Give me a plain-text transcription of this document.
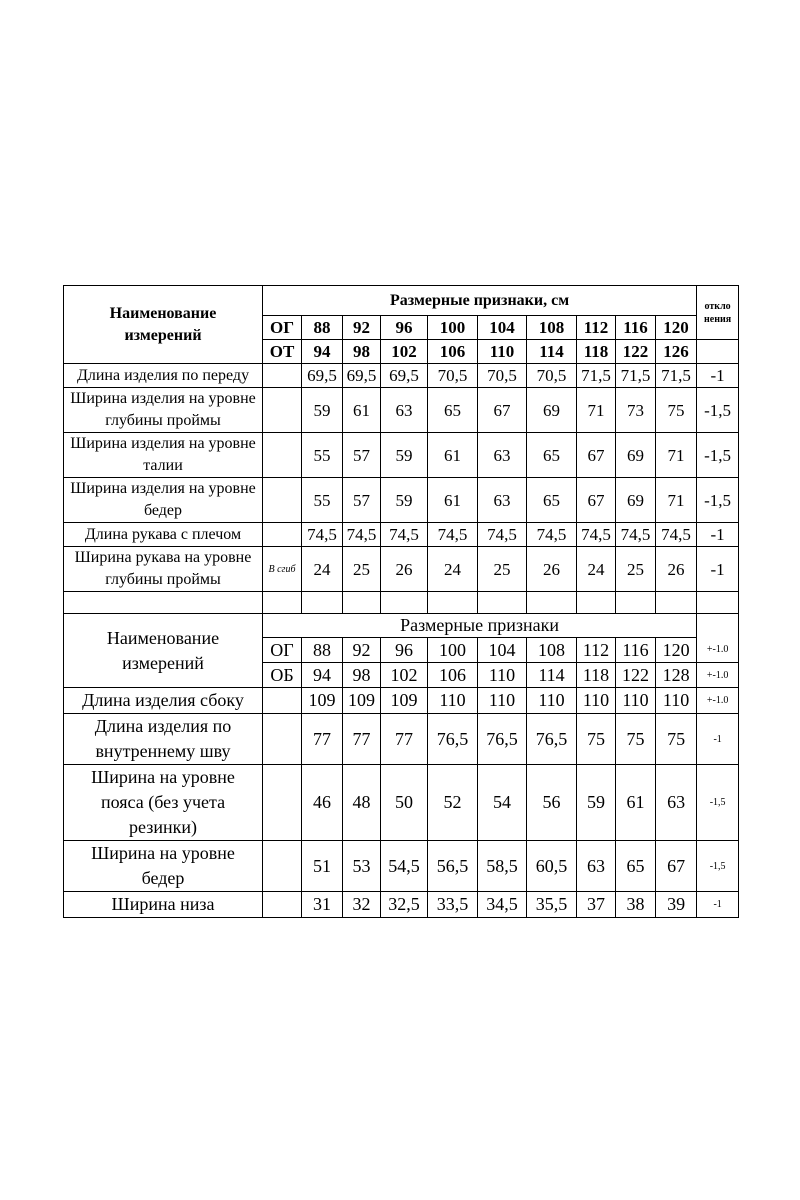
Наименование измерений	Размерные признаки, см										откло нения
	ОГ	88	92	96	100	104	108	112	116	120	
	ОТ	94	98	102	106	110	114	118	122	126	
Длина изделия по переду		69,5	69,5	69,5	70,5	70,5	70,5	71,5	71,5	71,5	-1
Ширина изделия на уровне глубины проймы		59	61	63	65	67	69	71	73	75	-1,5
Ширина изделия на уровне талии		55	57	59	61	63	65	67	69	71	-1,5
Ширина изделия на уровне бедер		55	57	59	61	63	65	67	69	71	-1,5
Длина рукава с плечом		74,5	74,5	74,5	74,5	74,5	74,5	74,5	74,5	74,5	-1
Ширина рукава на уровне глубины проймы	В сгиб	24	25	26	24	25	26	24	25	26	-1

Наименование измерений	Размерные признаки										
	ОГ	88	92	96	100	104	108	112	116	120	+-1.0
	ОБ	94	98	102	106	110	114	118	122	128	+-1.0
Длина изделия сбоку		109	109	109	110	110	110	110	110	110	+-1.0
Длина изделия по внутреннему шву		77	77	77	76,5	76,5	76,5	75	75	75	-1
Ширина на уровне пояса (без учета резинки)		46	48	50	52	54	56	59	61	63	-1,5
Ширина на уровне бедер		51	53	54,5	56,5	58,5	60,5	63	65	67	-1,5
Ширина низа		31	32	32,5	33,5	34,5	35,5	37	38	39	-1
